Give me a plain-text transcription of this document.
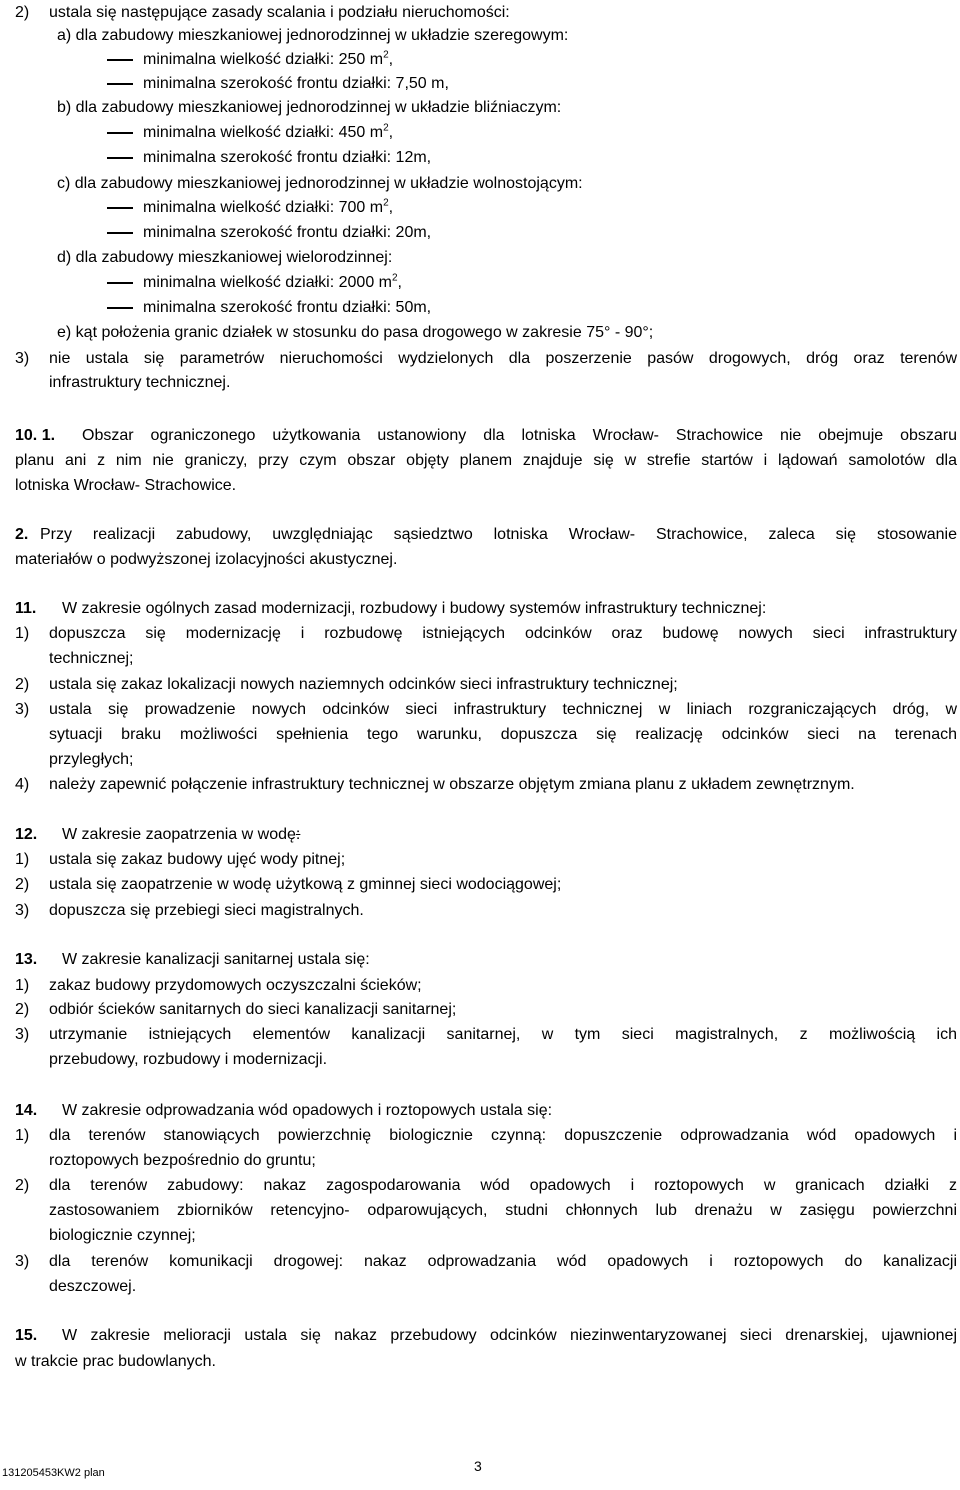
2) ustala się następujące zasady scalania i podziału nieruchomości:
a) dla zabudowy mieszkaniowej jednorodzinnej w układzie szeregowym:
minimalna wielkość działki: 250 $m^2$,
minimalna szerokość frontu działki: 7,50 m,
b) dla zabudowy mieszkaniowej jednorodzinnej w układzie bliźniaczym:
minimalna wielkość działki: 450 $m^2$,
minimalna szerokość frontu działki: 12m,
c) dla zabudowy mieszkaniowej jednorodzinnej w układzie wolnostojącym:
minimalna wielkość działki: 700 $m^2$,
minimalna szerokość frontu działki: 20m,
d) dla zabudowy mieszkaniowej wielorodzinnej:
minimalna wielkość działki: 2000 $m^2$,
minimalna szerokość frontu działki: 50m,
e) kąt położenia granic działek w stosunku do pasa drogowego w zakresie 75° - 90°;
3) nie ustala się parametrów nieruchomości wydzielonych dla poszerzenie pasów drogowych, dróg oraz terenów
infrastruktury technicznej.
10. 1. Obszar ograniczonego użytkowania ustanowiony dla lotniska Wrocław- Strachowice nie obejmuje obszaru
planu ani z nim nie graniczy, przy czym obszar objęty planem znajduje się w strefie startów i lądowań samolotów dla
lotniska Wrocław- Strachowice.
2. Przy realizacji zabudowy, uwzględniając sąsiedztwo lotniska Wrocław- Strachowice, zaleca się stosowanie
materiałów o podwyższonej izolacyjności akustycznej.
11. W zakresie ogólnych zasad modernizacji, rozbudowy i budowy systemów infrastruktury technicznej:
1) dopuszcza się modernizację i rozbudowę istniejących odcinków oraz budowę nowych sieci infrastruktury
technicznej;
2) ustala się zakaz lokalizacji nowych naziemnych odcinków sieci infrastruktury technicznej;
3) ustala się prowadzenie nowych odcinków sieci infrastruktury technicznej w liniach rozgraniczających dróg, w
sytuacji braku możliwości spełnienia tego warunku, dopuszcza się realizację odcinków sieci na terenach
przyległych;
4) należy zapewnić połączenie infrastruktury technicznej w obszarze objętym zmiana planu z układem zewnętrznym.
12. W zakresie zaopatrzenia w wodę:
1) ustala się zakaz budowy ujęć wody pitnej;
2) ustala się zaopatrzenie w wodę użytkową z gminnej sieci wodociągowej;
3) dopuszcza się przebiegi sieci magistralnych.
13. W zakresie kanalizacji sanitarnej ustala się:
1) zakaz budowy przydomowych oczyszczalni ścieków;
2) odbiór ścieków sanitarnych do sieci kanalizacji sanitarnej;
3) utrzymanie istniejących elementów kanalizacji sanitarnej, w tym sieci magistralnych, z możliwością ich
przebudowy, rozbudowy i modernizacji.
14. W zakresie odprowadzania wód opadowych i roztopowych ustala się:
1) dla terenów stanowiących powierzchnię biologicznie czynną: dopuszczenie odprowadzania wód opadowych i
roztopowych bezpośrednio do gruntu;
2) dla terenów zabudowy: nakaz zagospodarowania wód opadowych i roztopowych w granicach działki z
zastosowaniem zbiorników retencyjno- odparowujących, studni chłonnych lub drenażu w zasięgu powierzchni
biologicznie czynnej;
3) dla terenów komunikacji drogowej: nakaz odprowadzania wód opadowych i roztopowych do kanalizacji
deszczowej.
15. W zakresie melioracji ustala się nakaz przebudowy odcinków niezinwentaryzowanej sieci drenarskiej, ujawnionej
w trakcie prac budowlanych.
3
131205453KW2 plan
